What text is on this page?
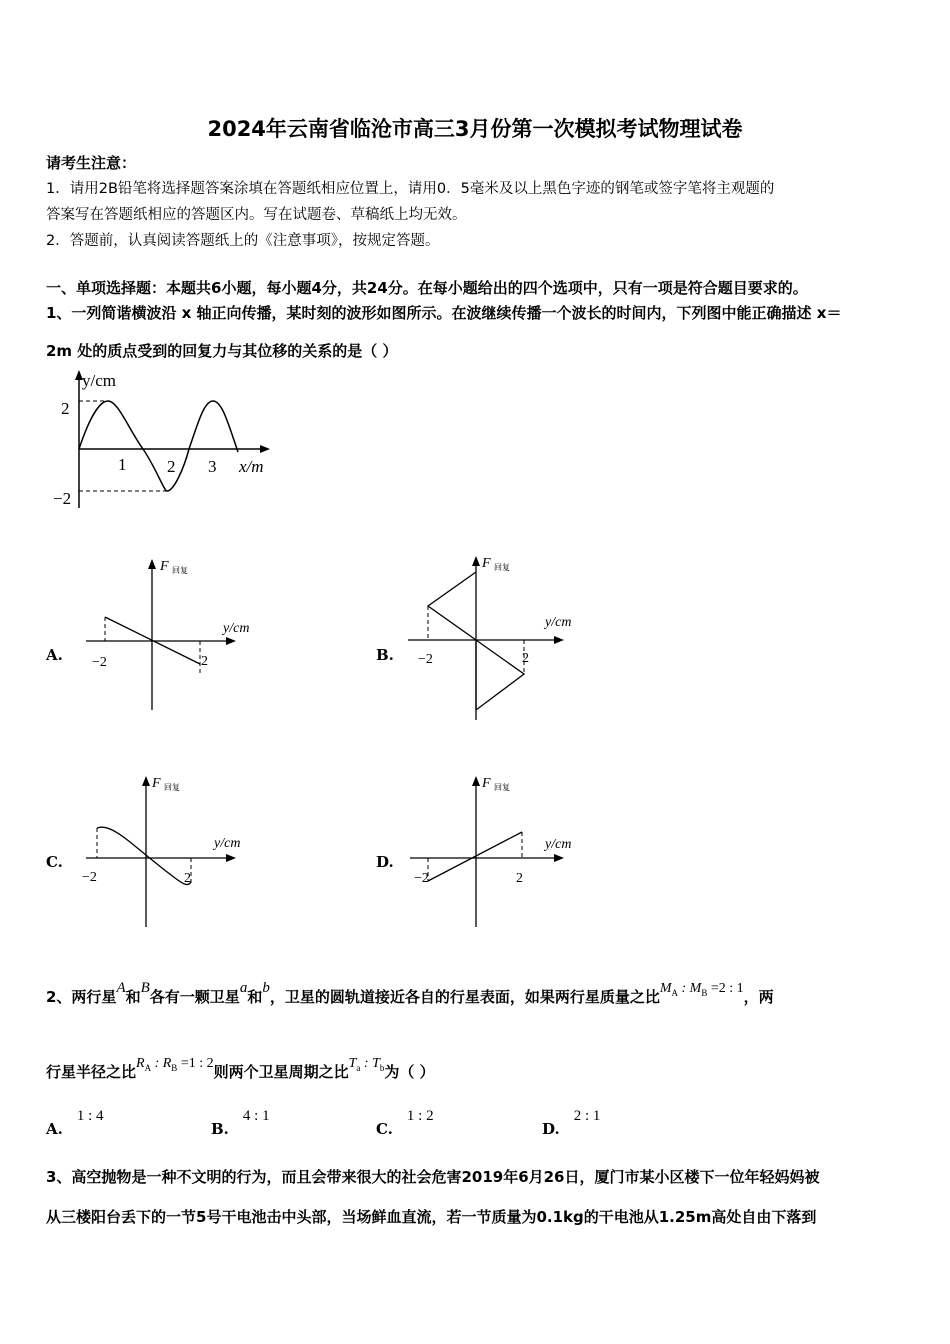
2024年云南省临沧市高三3月份第一次模拟考试物理试卷
请考生注意：
1．请用2B铅笔将选择题答案涂填在答题纸相应位置上，请用0．5毫米及以上黑色字迹的钢笔或签字笔将主观题的
答案写在答题纸相应的答题区内。写在试题卷、草稿纸上均无效。
2．答题前，认真阅读答题纸上的《注意事项》，按规定答题。
一、单项选择题：本题共6小题，每小题4分，共24分。在每小题给出的四个选项中，只有一项是符合题目要求的。
1、一列简谐横波沿 x 轴正向传播，某时刻的波形如图所示。在波继续传播一个波长的时间内，下列图中能正确描述 x＝
2m 处的质点受到的回复力与其位移的关系的是（ ）
y/cm
2
−2
1 2 3 x/m
A.
F 回复
y/cm
−2	2	B.
F 回复
y/cm
−2	2
C.
F 回复
y/cm
−2	2
D.
F 回复
y/cm
−2	2
2、两行星A和B各有一颗卫星a和b，卫星的圆轨道接近各自的行星表面，如果两行星质量之比$M_A$ : $M_B =2$ : 1，两
行星半径之比$R_A$ : $R_B =1$ : 2则两个卫星周期之比$T_a$ : $T_b$为（ ）
A.1 : 4
B.4 : 1
C.1 : 2
D.2 : 1
3、高空抛物是一种不文明的行为，而且会带来很大的社会危害2019年6月26日，厦门市某小区楼下一位年轻妈妈被
从三楼阳台丢下的一节5号干电池击中头部，当场鲜血直流，若一节质量为0.1kg的干电池从1.25m高处自由下落到
